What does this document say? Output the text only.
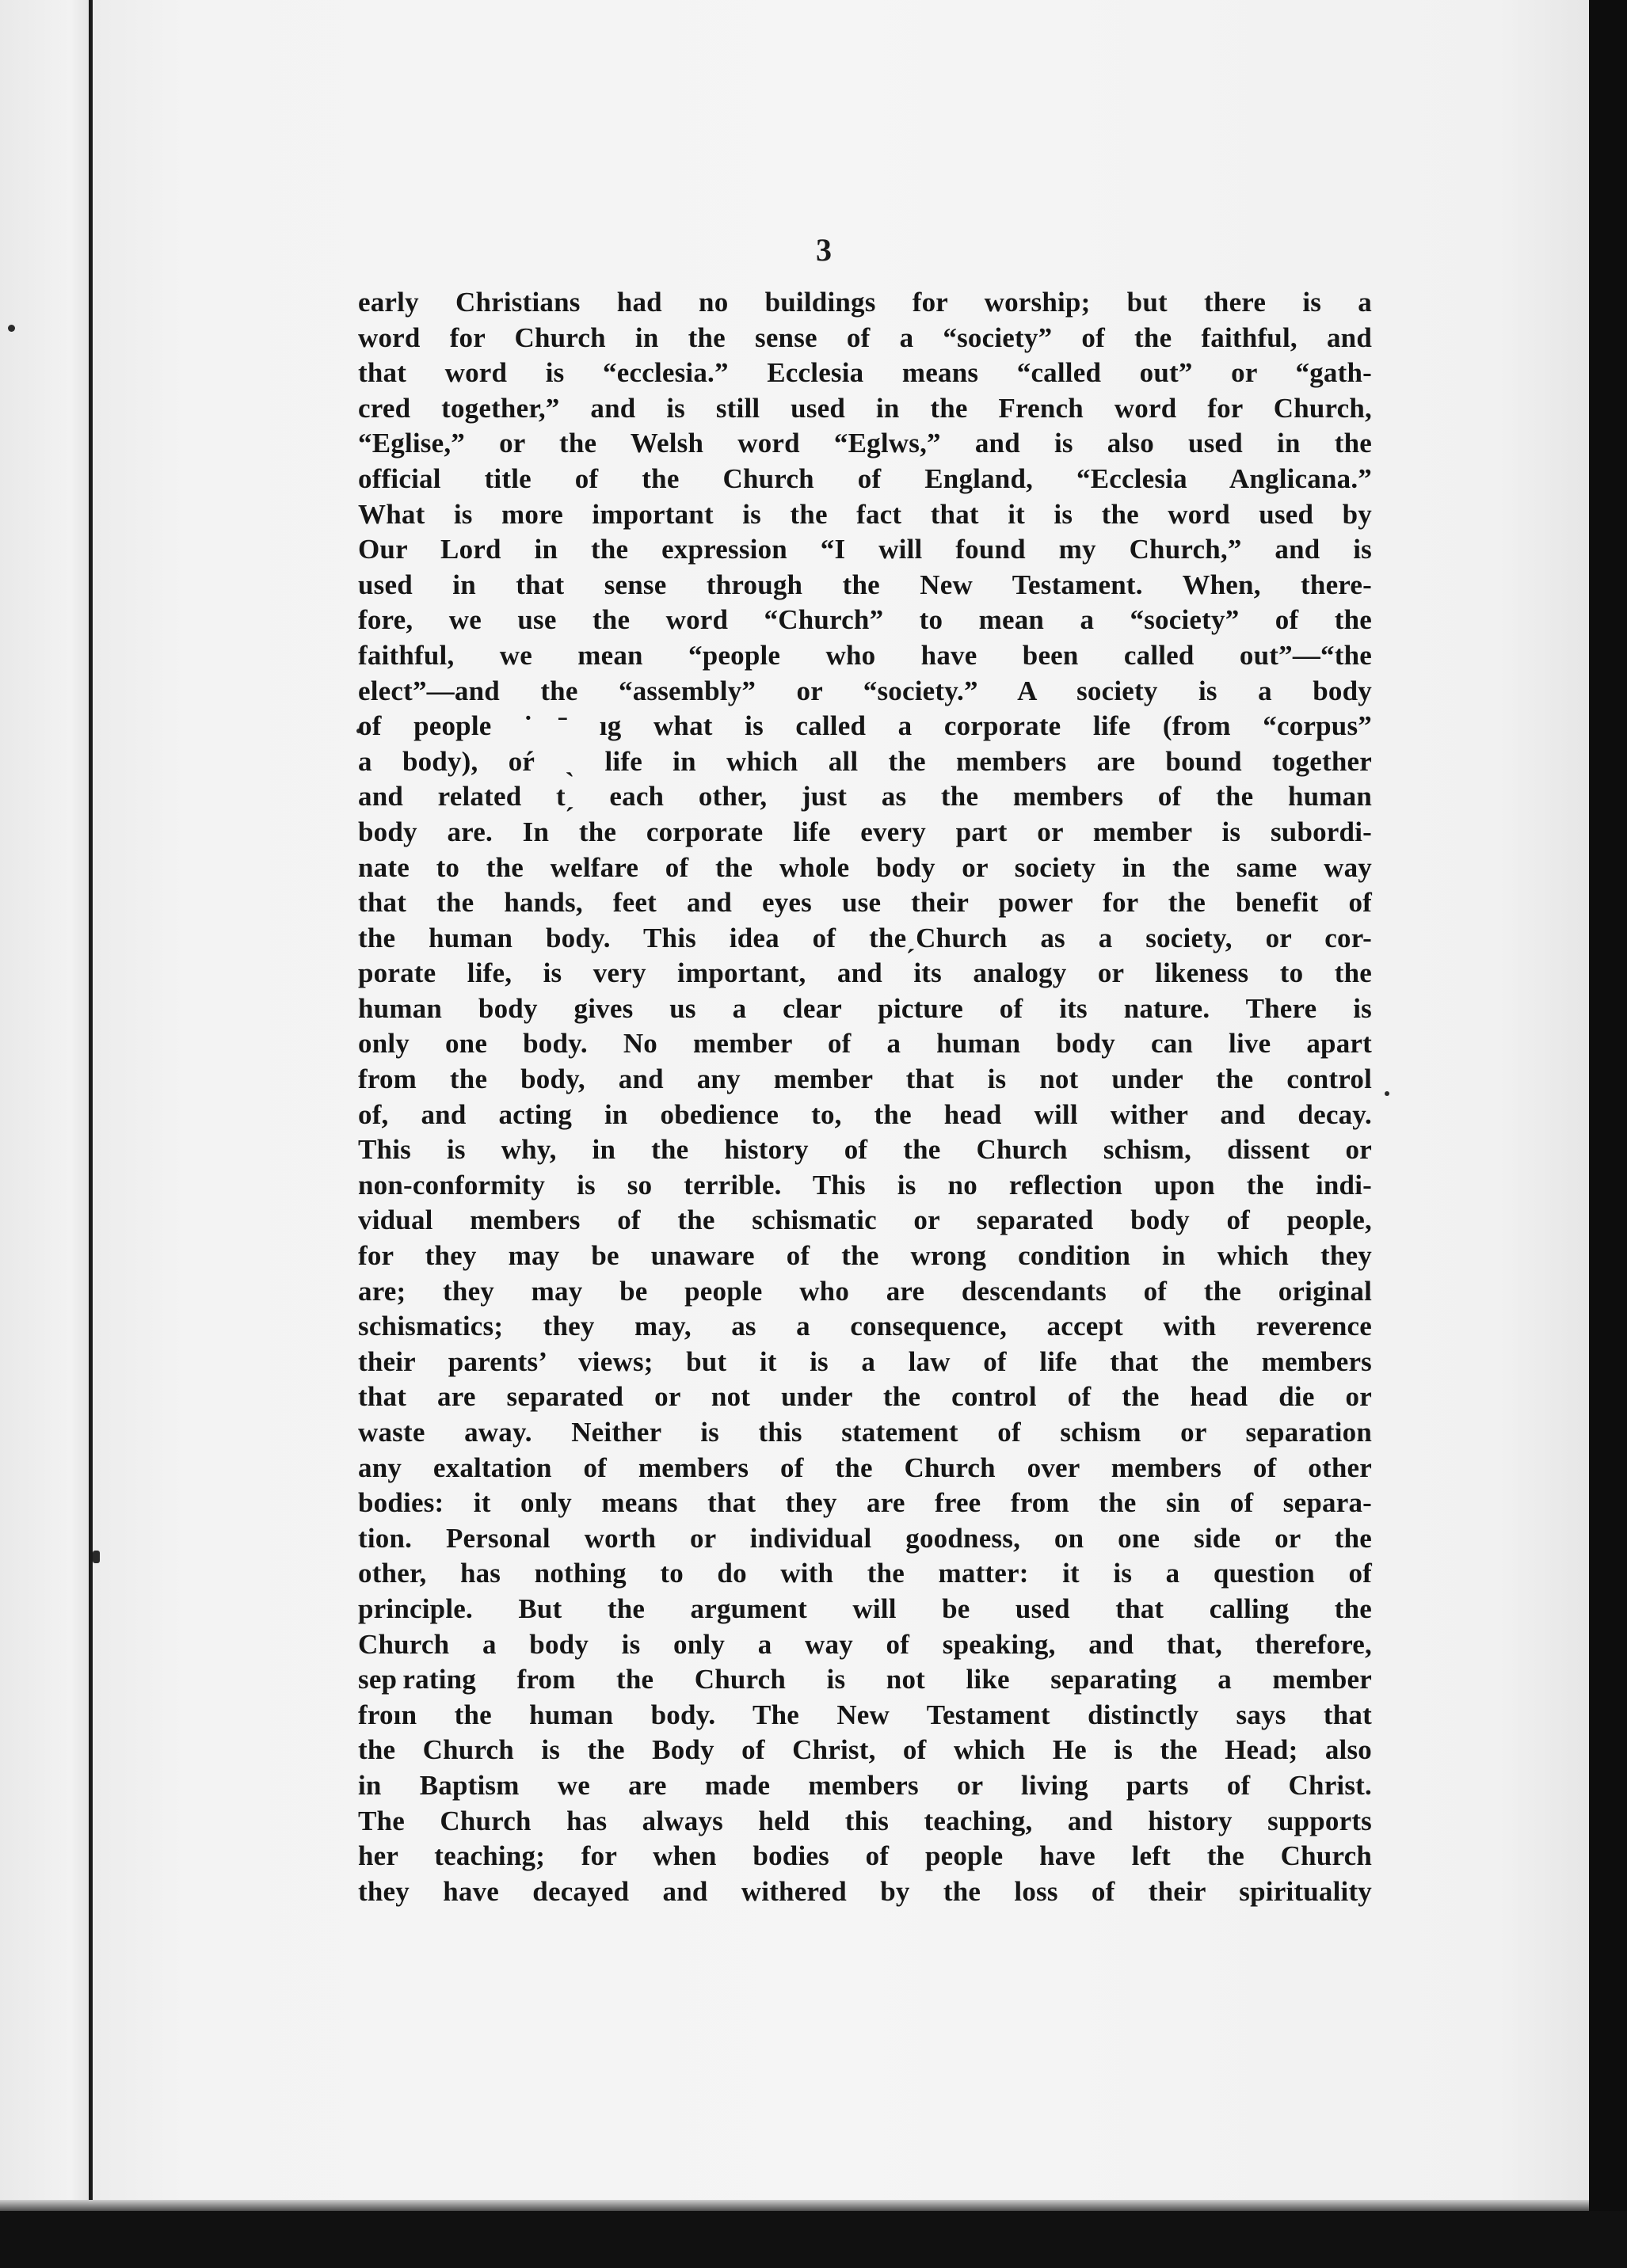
3
early Christians had no buildings for worship; but there is a
word for Church in the sense of a “society” of the faithful, and
that word is “ecclesia.” Ecclesia means “called out” or “gath-
cred together,” and is still used in the French word for Church,
“Eglise,” or the Welsh word “Eglws,” and is also used in the
official title of the Church of England, “Ecclesia Anglicana.”
What is more important is the fact that it is the word used by
Our Lord in the expression “I will found my Church,” and is
used in that sense through the New Testament. When, there-
fore, we use the word “Church” to mean a “society” of the
faithful, we mean “people who have been called out”—“the
elect”—and the “assembly” or “society.” A society is a body
of people ˙ˉ ıg what is called a corporate life (from “corpus”
a body), oŕ ˎ life in which all the members are bound together
and related tˏ each other, just as the members of the human
body are. In the corporate life every part or member is subordi-
nate to the welfare of the whole body or society in the same way
that the hands, feet and eyes use their power for the benefit of
the human body. This idea of theˏChurch as a society, or cor-
porate life, is very important, and its analogy or likeness to the
human body gives us a clear picture of its nature. There is
only one body. No member of a human body can live apart
from the body, and any member that is not under the control
of, and acting in obedience to, the head will wither and decay.
This is why, in the history of the Church schism, dissent or
non-conformity is so terrible. This is no reflection upon the indi-
vidual members of the schismatic or separated body of people,
for they may be unaware of the wrong condition in which they
are; they may be people who are descendants of the original
schismatics; they may, as a consequence, accept with reverence
their parents’ views; but it is a law of life that the members
that are separated or not under the control of the head die or
waste away. Neither is this statement of schism or separation
any exaltation of members of the Church over members of other
bodies: it only means that they are free from the sin of separa-
tion. Personal worth or individual goodness, on one side or the
other, has nothing to do with the matter: it is a question of
principle. But the argument will be used that calling the
Church a body is only a way of speaking, and that, therefore,
sep rating from the Church is not like separating a member
froın the human body. The New Testament distinctly says that
the Church is the Body of Christ, of which He is the Head; also
in Baptism we are made members or living parts of Christ.
The Church has always held this teaching, and history supports
her teaching; for when bodies of people have left the Church
they have decayed and withered by the loss of their spirituality
